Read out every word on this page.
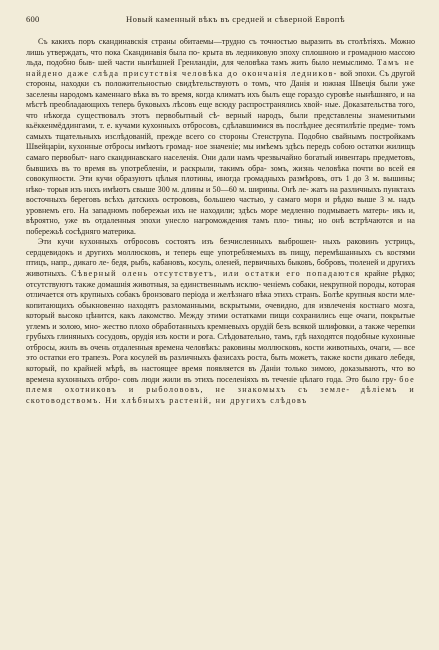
600	Новый каменный вѣкъ въ средней и сѣверной Европѣ

Съ какихъ поръ скандинавскія страны обитаемы—трудно съ точностью выразить въ столѣтіяхъ. Можно лишь утверждать, что пока Скандинавія была по- крыта въ ледниковую эпоху сплошною и громадною массою льда, подобно быв- шей части нынѣшней Гренландіи, для человѣка тамъ жить было немыслимо. Тамъ не найдено даже слѣда присутствія человѣка до окончанія ледников- вой эпохи. Съ другой стороны, находки съ положительностью свидѣтельствуютъ о томъ, что Данія и южная Швеція были уже заселены народомъ каменнаго вѣка въ то время, когда климатъ ихъ былъ еще гораздо суровѣе нынѣшняго, и на мѣстѣ преобладающихъ теперь буковыхъ лѣсовъ еще всюду распространялись хвой- ные. Доказательства того, что нѣкогда существовалъ этотъ первобытный сѣ- верный народъ, были представлены знаменитыми кьёккенмёддингами, т. е. кучами кухонныхъ отбросовъ, сдѣлавшимися въ послѣднее десятилѣтіе предме- томъ самыхъ тщательныхъ изслѣдованій, прежде всего со стороны Стенструпа. Подобно свайнымъ постройкамъ Швейцаріи, кухонные отбросы имѣютъ громад- ное значеніе; мы имѣемъ здѣсь передъ собою остатки жилищъ самаго первобыт- наго скандинавскаго населенія. Они дали намъ чрезвычайно богатый инвентарь предметовъ, бывшихъ въ то время въ употребленіи, и раскрыли, такимъ обра- зомъ, жизнь человѣка почти во всей ея совокупности. Эти кучи образуютъ цѣлыя плотины, иногда громадныхъ размѣровъ, отъ 1 до 3 м. вышины; нѣко- торыя изъ нихъ имѣютъ свыше 300 м. длины и 50—60 м. ширины. Онѣ лe- жатъ на различныхъ пунктахъ восточныхъ береговъ всѣхъ датскихъ острововъ, большею частью, у самаго моря и рѣдко выше 3 м. надъ уровнемъ его. На западномъ побережьи ихъ не находили; здѣсь море медленно подмываетъ матерь- икъ и, вѣроятно, уже въ отдаленныя эпохи унесло нагромождения тамъ пло- тины; но онѣ встрѣчаются и на побережьѣ сосѣдняго материка.

Эти кучи кухонныхъ отбросовъ состоятъ изъ безчисленныхъ выброшен- ныхъ раковинъ устрицъ, сердцевидокъ и другихъ моллюсковъ, и теперь еще употребляемыхъ въ пищу, перемѣшанныхъ съ костями птицъ, напр., дикаго ле- бедя, рыбъ, кабановъ, косуль, оленей, первичныхъ быковъ, бобровъ, тюленей и другихъ животныхъ. Сѣверный олень отсутствуетъ, или остатки его попадаются крайне рѣдко; отсутствуютъ также домашнія животныя, за единственнымъ исклю- ченіемъ собаки, некрупной породы, которая отличается отъ крупныхъ собакъ бронзоваго періода и желѣзнаго вѣка этихъ странъ. Болѣе крупныя кости мле- копитающихъ обыкновенно находятъ разломанными, вскрытыми, очевидно, для извлеченія костнаго мозга, который высоко цѣнится, какъ лакомство. Между этими остатками пищи сохранились еще очаги, покрытые углемъ и золою, мно- жество плохо обработанныхъ кремневыхъ орудій безъ всякой шлифовки, а также черепки грубыхъ глиняныхъ сосудовъ, орудія изъ кости и рога. Слѣдовательно, тамъ, гдѣ находятся подобные кухонные отбросы, жилъ въ очень отдаленныя времена человѣкъ: раковины моллюсковъ, кости животныхъ, очаги, — все это остатки его трапезъ. Рога косулей въ различныхъ фазисахъ роста, быть можетъ, также кости дикаго лебедя, который, по крайней мѣрѣ, въ настоящее время появляется въ Даніи только зимою, доказываютъ, что во времена кухонныхъ отбро- совъ люди жили въ этихъ поселеніяхъ въ теченіе цѣлаго года. Это было гру- бое племя охотниковъ и рыболововъ, не знакомыхъ съ земле- дѣліемъ и скотоводствомъ. Ни хлѣбныхъ растеній, ни другихъ слѣдовъ
